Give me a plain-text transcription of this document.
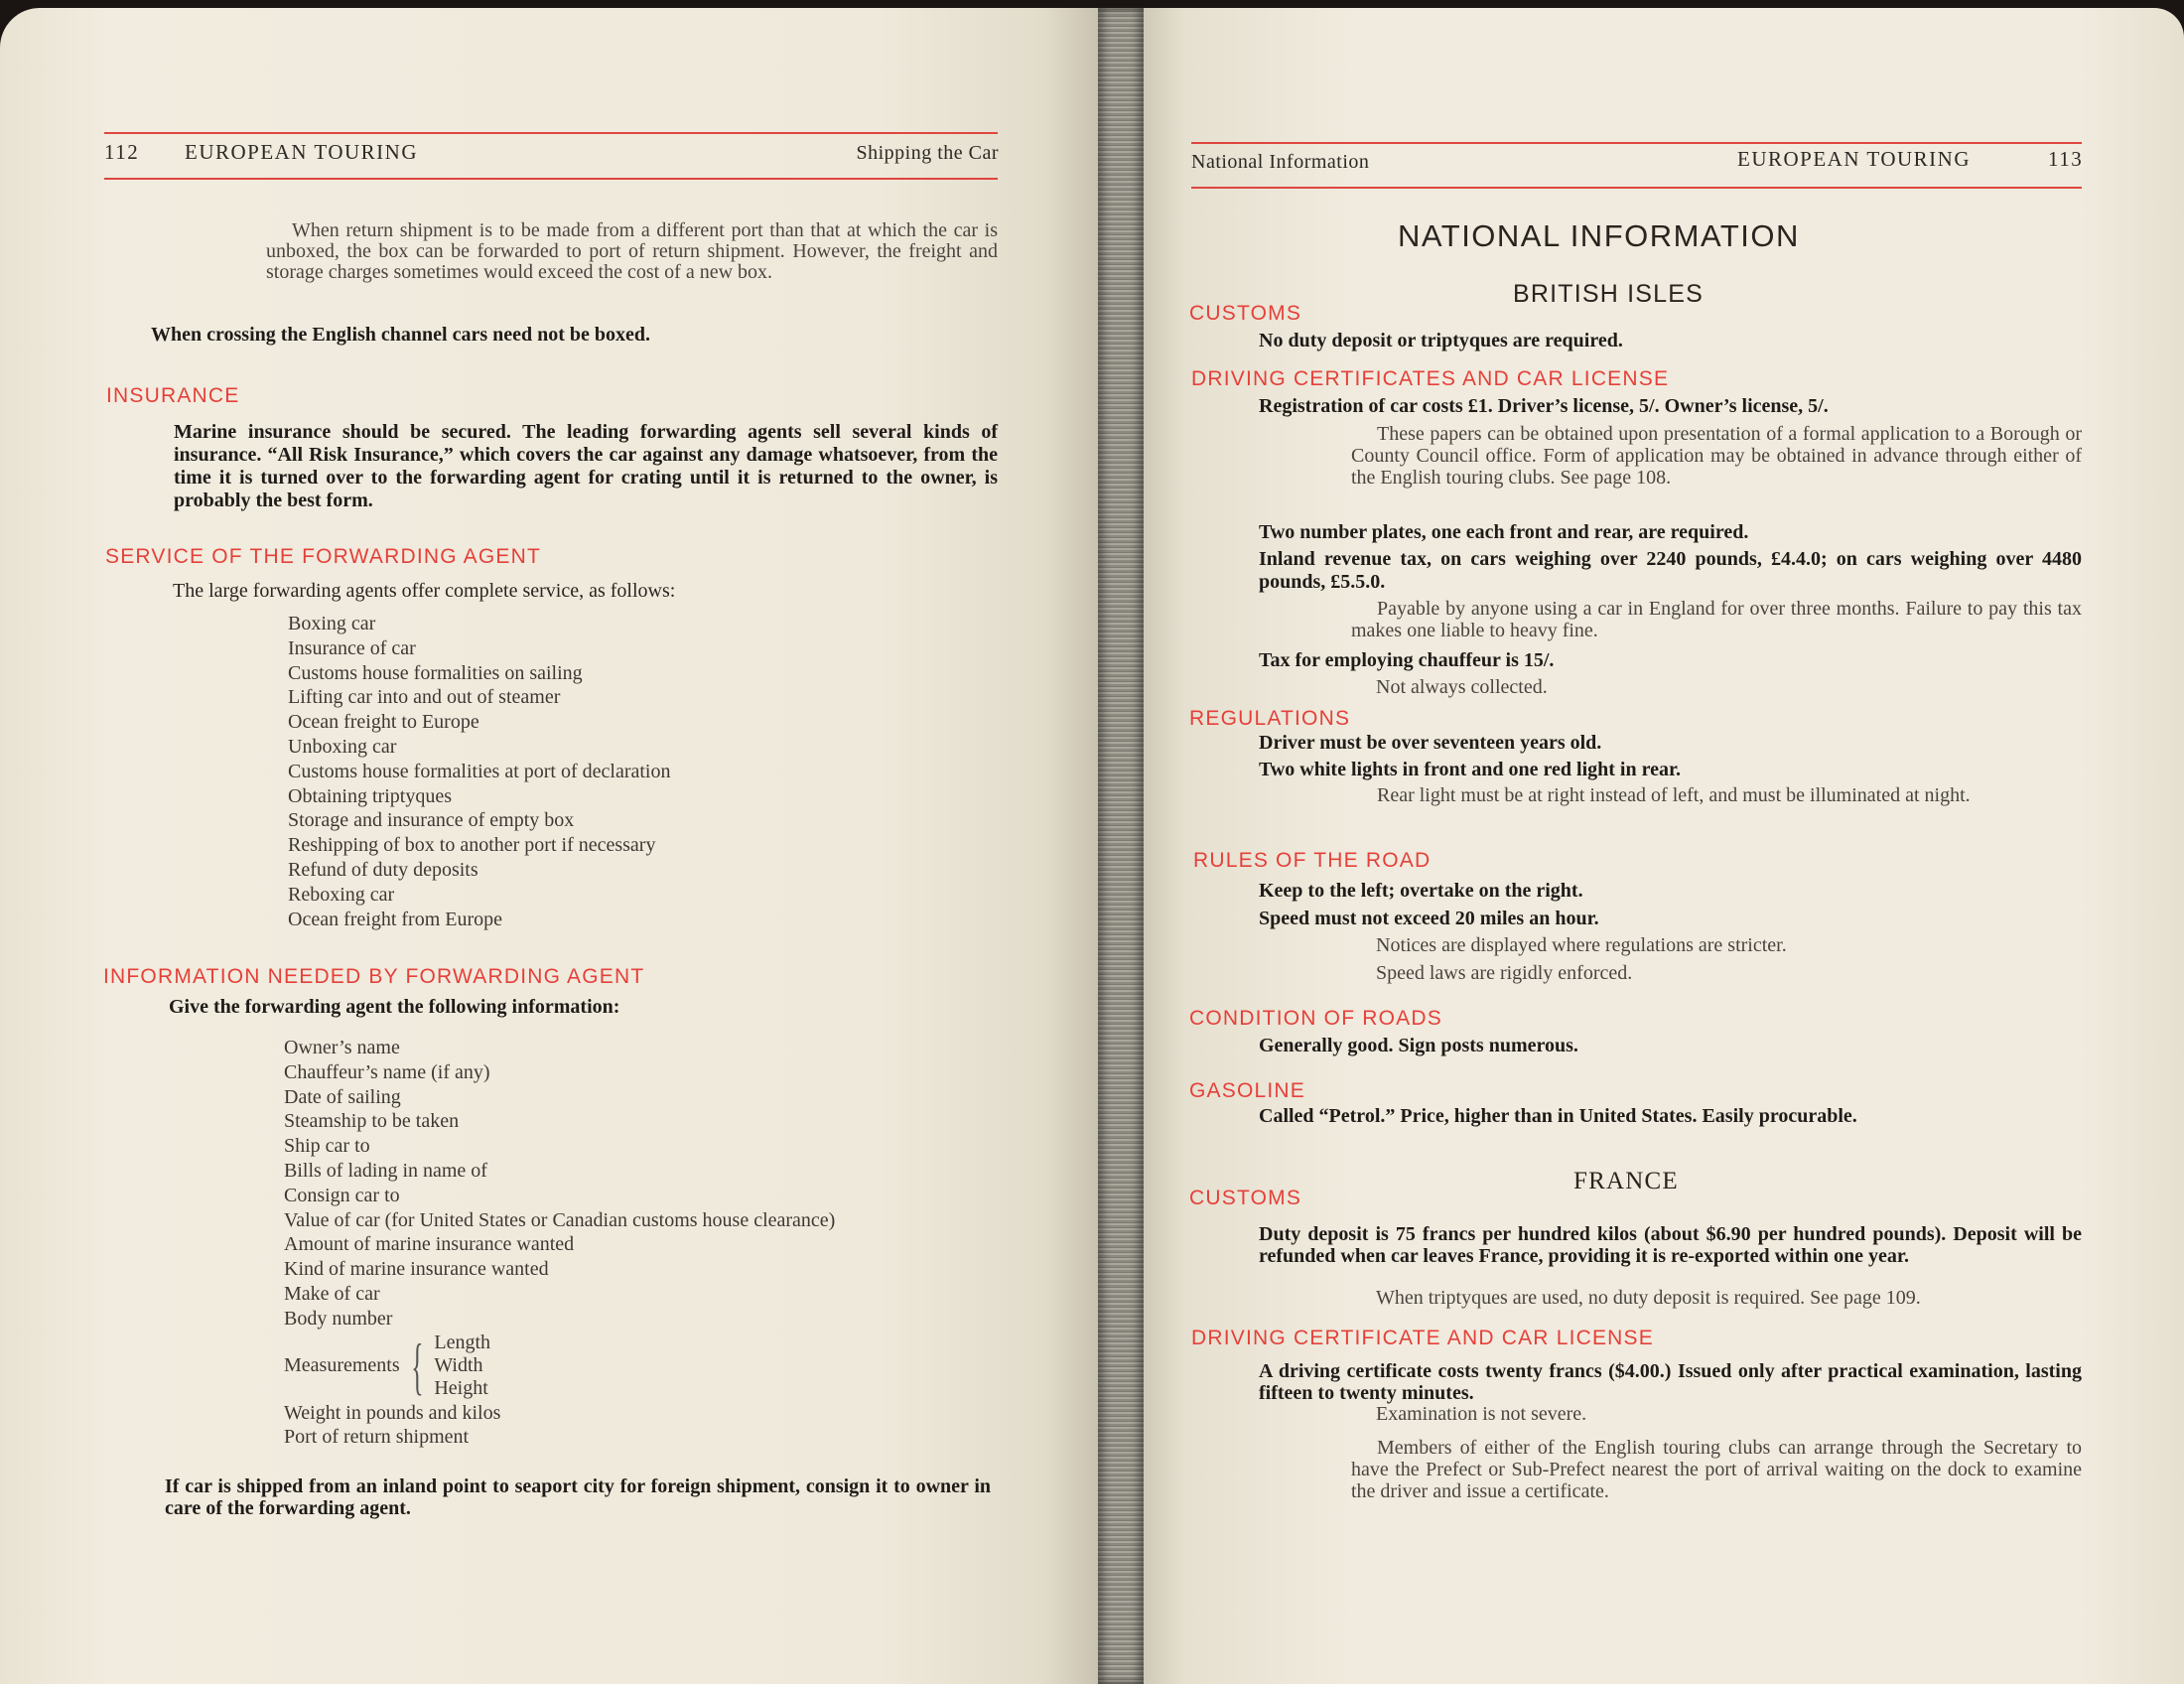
112 EUROPEAN TOURING	Shipping the Car
When return shipment is to be made from a different port than that at which the car is unboxed, the box can be forwarded to port of return shipment. However, the freight and storage charges sometimes would exceed the cost of a new box.
When crossing the English channel cars need not be boxed.
INSURANCE
Marine insurance should be secured. The leading forwarding agents sell several kinds of insurance. “All Risk Insurance,” which covers the car against any damage whatsoever, from the time it is turned over to the forwarding agent for crating until it is returned to the owner, is probably the best form.
SERVICE OF THE FORWARDING AGENT
The large forwarding agents offer complete service, as follows:
Boxing car
Insurance of car
Customs house formalities on sailing
Lifting car into and out of steamer
Ocean freight to Europe
Unboxing car
Customs house formalities at port of declaration
Obtaining triptyques
Storage and insurance of empty box
Reshipping of box to another port if necessary
Refund of duty deposits
Reboxing car
Ocean freight from Europe
INFORMATION NEEDED BY FORWARDING AGENT
Give the forwarding agent the following information:
Owner’s name
Chauffeur’s name (if any)
Date of sailing
Steamship to be taken
Ship car to
Bills of lading in name of
Consign car to
Value of car (for United States or Canadian customs house clearance)
Amount of marine insurance wanted
Kind of marine insurance wanted
Make of car
Body number
Measurements { Length
Width
Height
Weight in pounds and kilos
Port of return shipment
If car is shipped from an inland point to seaport city for foreign shipment, consign it to owner in care of the forwarding agent.
National Information	EUROPEAN TOURING	113
NATIONAL INFORMATION
BRITISH ISLES
CUSTOMS
No duty deposit or triptyques are required.
DRIVING CERTIFICATES AND CAR LICENSE
Registration of car costs £1. Driver’s license, 5/. Owner’s license, 5/.
These papers can be obtained upon presentation of a formal application to a Borough or County Council office. Form of application may be obtained in advance through either of the English touring clubs. See page 108.
Two number plates, one each front and rear, are required.
Inland revenue tax, on cars weighing over 2240 pounds, £4.4.0; on cars weighing over 4480 pounds, £5.5.0.
Payable by anyone using a car in England for over three months. Failure to pay this tax makes one liable to heavy fine.
Tax for employing chauffeur is 15/.
Not always collected.
REGULATIONS
Driver must be over seventeen years old.
Two white lights in front and one red light in rear.
Rear light must be at right instead of left, and must be illuminated at night.
RULES OF THE ROAD
Keep to the left; overtake on the right.
Speed must not exceed 20 miles an hour.
Notices are displayed where regulations are stricter.
Speed laws are rigidly enforced.
CONDITION OF ROADS
Generally good. Sign posts numerous.
GASOLINE
Called “Petrol.” Price, higher than in United States. Easily procurable.
FRANCE
CUSTOMS
Duty deposit is 75 francs per hundred kilos (about $6.90 per hundred pounds). Deposit will be refunded when car leaves France, providing it is re-exported within one year.
When triptyques are used, no duty deposit is required. See page 109.
DRIVING CERTIFICATE AND CAR LICENSE
A driving certificate costs twenty francs ($4.00.) Issued only after practical examination, lasting fifteen to twenty minutes.
Examination is not severe.
Members of either of the English touring clubs can arrange through the Secretary to have the Prefect or Sub-Prefect nearest the port of arrival waiting on the dock to examine the driver and issue a certificate.
